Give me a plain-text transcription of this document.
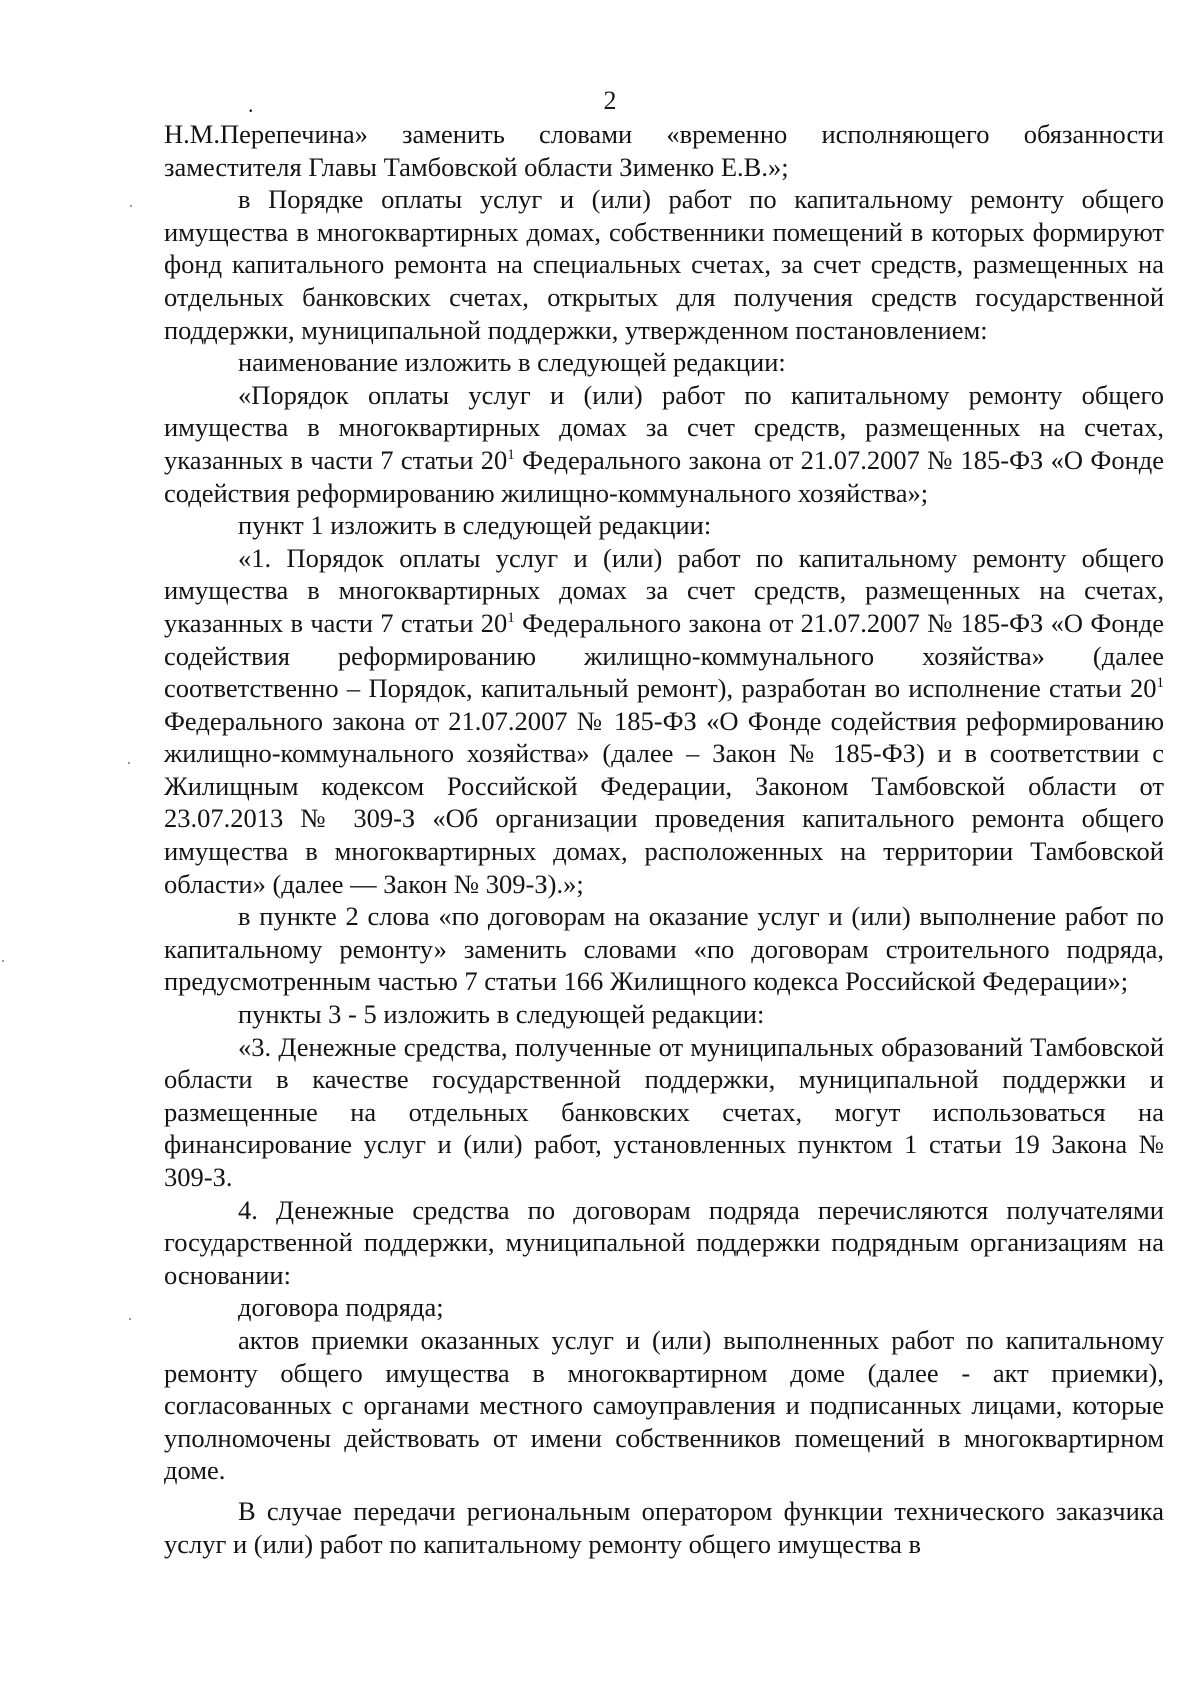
.	2

Н.М.Перепечина» заменить словами «временно исполняющего обязанности заместителя Главы Тамбовской области Зименко Е.В.»;

в Порядке оплаты услуг и (или) работ по капитальному ремонту общего имущества в многоквартирных домах, собственники помещений в которых формируют фонд капитального ремонта на специальных счетах, за счет средств, размещенных на отдельных банковских счетах, открытых для получения средств государственной поддержки, муниципальной поддержки, утвержденном постановлением:

наименование изложить в следующей редакции:

«Порядок оплаты услуг и (или) работ по капитальному ремонту общего имущества в многоквартирных домах за счет средств, размещенных на счетах, указанных в части 7 статьи $20^1$ Федерального закона от 21.07.2007 № 185-ФЗ «О Фонде содействия реформированию жилищно-коммунального хозяйства»;

пункт 1 изложить в следующей редакции:

«1. Порядок оплаты услуг и (или) работ по капитальному ремонту общего имущества в многоквартирных домах за счет средств, размещенных на счетах, указанных в части 7 статьи $20^1$ Федерального закона от 21.07.2007 № 185-ФЗ «О Фонде содействия реформированию жилищно-коммунального хозяйства» (далее соответственно – Порядок, капитальный ремонт), разработан во исполнение статьи $20^1$ Федерального закона от 21.07.2007 № 185-ФЗ «О Фонде содействия реформированию жилищно-коммунального хозяйства» (далее – Закон № 185-ФЗ) и в соответствии с Жилищным кодексом Российской Федерации, Законом Тамбовской области от 23.07.2013 № 309-З «Об организации проведения капитального ремонта общего имущества в многоквартирных домах, расположенных на территории Тамбовской области» (далее — Закон № 309-З).»;

в пункте 2 слова «по договорам на оказание услуг и (или) выполнение работ по капитальному ремонту» заменить словами «по договорам строительного подряда, предусмотренным частью 7 статьи 166 Жилищного кодекса Российской Федерации»;

пункты 3 - 5 изложить в следующей редакции:

«3. Денежные средства, полученные от муниципальных образований Тамбовской области в качестве государственной поддержки, муниципальной поддержки и размещенные на отдельных банковских счетах, могут использоваться на финансирование услуг и (или) работ, установленных пунктом 1 статьи 19 Закона № 309-З.

4. Денежные средства по договорам подряда перечисляются получателями государственной поддержки, муниципальной поддержки подрядным организациям на основании:

договора подряда;

актов приемки оказанных услуг и (или) выполненных работ по капитальному ремонту общего имущества в многоквартирном доме (далее - акт приемки), согласованных с органами местного самоуправления и подписанных лицами, которые уполномочены действовать от имени собственников помещений в многоквартирном доме.

В случае передачи региональным оператором функции технического заказчика услуг и (или) работ по капитальному ремонту общего имущества в
